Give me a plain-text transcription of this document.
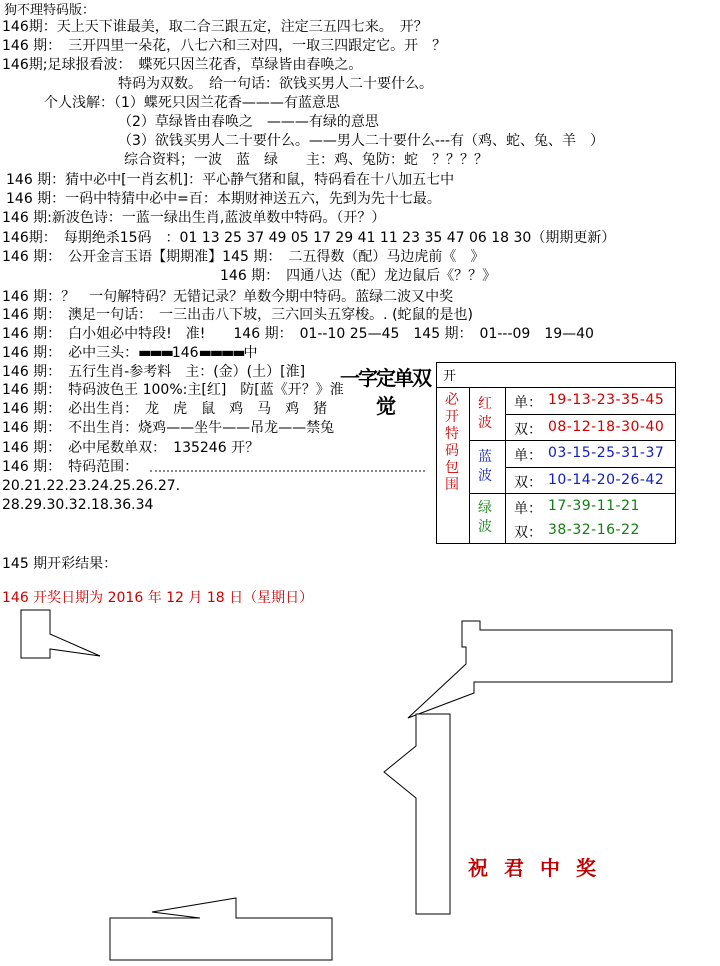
狗不理特码版：
146期：天上天下谁最美，取二合三跟五定，注定三五四七来。　开？
146 期：　三开四里一朵花，八七六和三对四，一取三四跟定它。开　？
146期;足球报看波：　蝶死只因兰花香，草绿皆由春唤之。
特码为双数。　给一句话：欲钱买男人二十要什么。
个人浅解：（1）蝶死只因兰花香———有蓝意思
（2）草绿皆由春唤之　———有绿的意思
（3）欲钱买男人二十要什么。——男人二十要什么---有（鸡、蛇、兔、羊　）
综合资料；一波　蓝　绿　　主：鸡、兔防：蛇　？？？？
146 期：猜中必中[一肖玄机]：平心静气猪和鼠，特码看在十八加五七中
146 期：一码中特猜中必中=百：本期财神送五六，先到为先十七最。
146 期:新波色诗：一蓝一绿出生肖,蓝波单数中特码。（开？）
146期：　每期绝杀15码　：01 13 25 37 49 05 17 29 41 11 23 35 47 06 18 30（期期更新）
146 期：　公开金言玉语【期期准】145 期：　二五得数（配）马边虎前《　》
146 期：　四通八达（配）龙边鼠后《？？》
146 期：？　一句解特码？无错记录？单数今期中特码。蓝绿二波又中奖
146 期：　澳足一句话：　一三出击八下坡，三六回头五穿梭。. (蛇鼠的是也)
146 期：　白小姐必中特段!　准!　　146 期：　01--10 25—45　145 期：　01---09　19—40
146 期：　必中三头：▬▬▬146▬▬▬▬中
146 期：　五行生肖-参考料　主：(金）(土）[淮]
146 期：　特码波色王 100%:主[红]　防[蓝《开？》淮
146 期：　必出生肖：　龙　虎　鼠　鸡　马　鸡　猪
146 期：　不出生肖：烧鸡——坐牛——吊龙——禁兔
146 期：　必中尾数单双：　135246 开？
146 期：　特码范围：
20.21.22.23.24.25.26.27.
28.29.30.32.18.36.34
一字定单双
觉
开
必开特码包围
红波
蓝波
绿波
单： 19-13-23-35-45
双： 08-12-18-30-40
单： 03-15-25-31-37
双： 10-14-20-26-42
单： 17-39-11-21
双： 38-32-16-22
145 期开彩结果：
146 开奖日期为 2016 年 12 月 18 日（星期日）
祝君中奖
